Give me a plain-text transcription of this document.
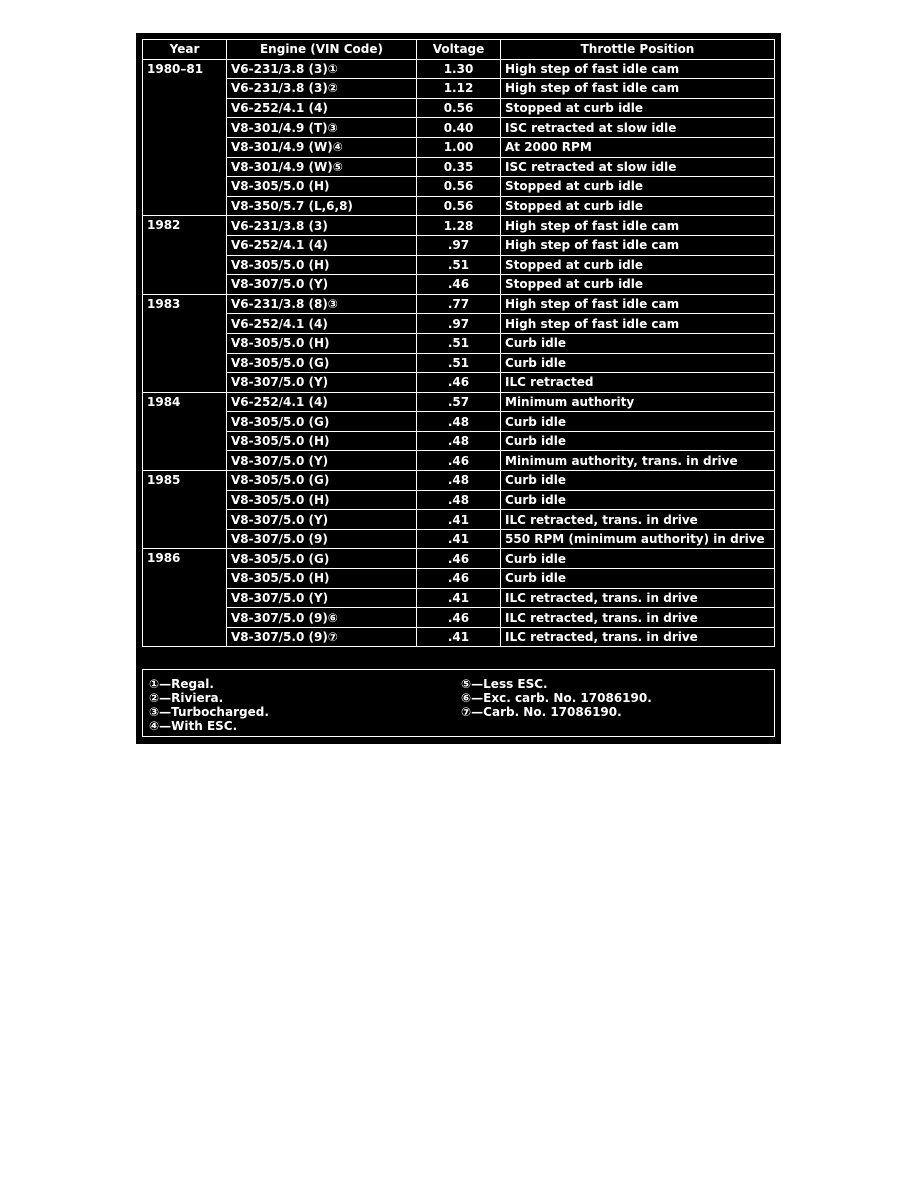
Year	Engine (VIN Code)	Voltage	Throttle Position
1980–81	V6-231/3.8 (3)①	1.30	High step of fast idle cam
	V6-231/3.8 (3)②	1.12	High step of fast idle cam
	V6-252/4.1 (4)	0.56	Stopped at curb idle
	V8-301/4.9 (T)③	0.40	ISC retracted at slow idle
	V8-301/4.9 (W)④	1.00	At 2000 RPM
	V8-301/4.9 (W)⑤	0.35	ISC retracted at slow idle
	V8-305/5.0 (H)	0.56	Stopped at curb idle
	V8-350/5.7 (L,6,8)	0.56	Stopped at curb idle
1982	V6-231/3.8 (3)	1.28	High step of fast idle cam
	V6-252/4.1 (4)	.97	High step of fast idle cam
	V8-305/5.0 (H)	.51	Stopped at curb idle
	V8-307/5.0 (Y)	.46	Stopped at curb idle
1983	V6-231/3.8 (8)③	.77	High step of fast idle cam
	V6-252/4.1 (4)	.97	High step of fast idle cam
	V8-305/5.0 (H)	.51	Curb idle
	V8-305/5.0 (G)	.51	Curb idle
	V8-307/5.0 (Y)	.46	ILC retracted
1984	V6-252/4.1 (4)	.57	Minimum authority
	V8-305/5.0 (G)	.48	Curb idle
	V8-305/5.0 (H)	.48	Curb idle
	V8-307/5.0 (Y)	.46	Minimum authority, trans. in drive
1985	V8-305/5.0 (G)	.48	Curb idle
	V8-305/5.0 (H)	.48	Curb idle
	V8-307/5.0 (Y)	.41	ILC retracted, trans. in drive
	V8-307/5.0 (9)	.41	550 RPM (minimum authority) in drive
1986	V8-305/5.0 (G)	.46	Curb idle
	V8-305/5.0 (H)	.46	Curb idle
	V8-307/5.0 (Y)	.41	ILC retracted, trans. in drive
	V8-307/5.0 (9)⑥	.46	ILC retracted, trans. in drive
	V8-307/5.0 (9)⑦	.41	ILC retracted, trans. in drive
①—Regal.
②—Riviera.
③—Turbocharged.
④—With ESC.
⑤—Less ESC.
⑥—Exc. carb. No. 17086190.
⑦—Carb. No. 17086190.
